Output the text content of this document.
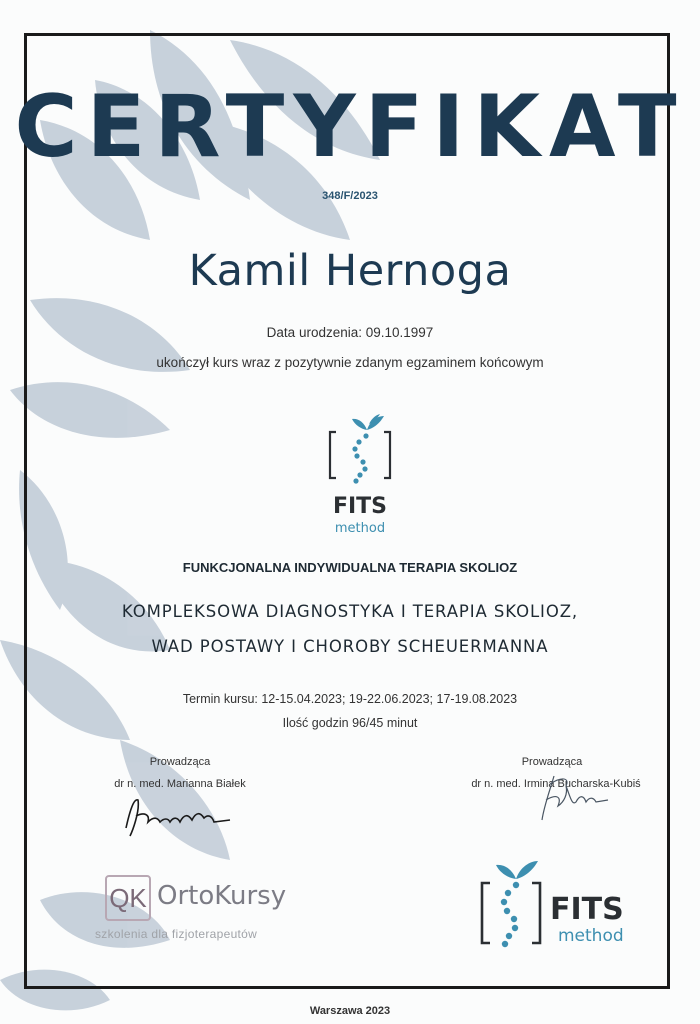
CERTYFIKAT
348/F/2023
Kamil Hernoga
Data urodzenia: 09.10.1997
ukończył kurs wraz z pozytywnie zdanym egzaminem końcowym
FITS
method
FUNKCJONALNA INDYWIDUALNA TERAPIA SKOLIOZ
KOMPLEKSOWA DIAGNOSTYKA I TERAPIA SKOLIOZ,
WAD POSTAWY I CHOROBY SCHEUERMANNA
Termin kursu: 12-15.04.2023; 19-22.06.2023; 17-19.08.2023
Ilość godzin 96/45 minut
Prowadząca
dr n. med. Marianna Białek
Prowadząca
dr n. med. Irmina Bucharska-Kubiś
QK OrtoKursy
szkolenia dla fizjoterapeutów
FITS
method
Warszawa 2023
